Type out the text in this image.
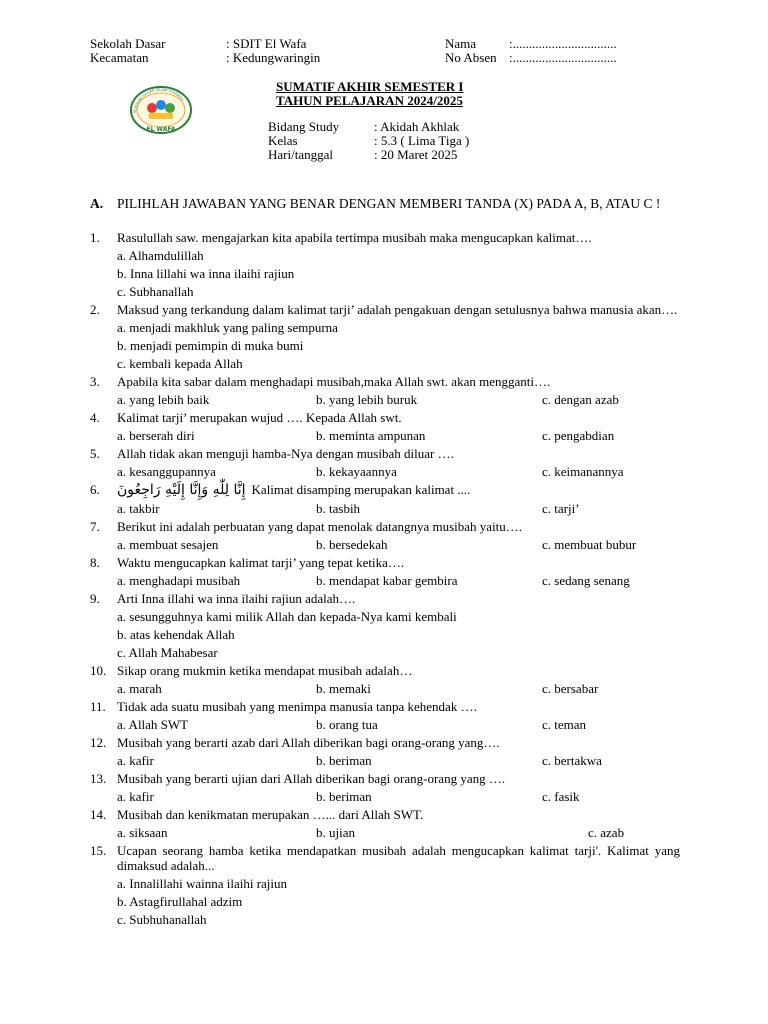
Sekolah Dasar	: SDIT El Wafa
Kecamatan	: Kedungwaringin
Nama	:................................
No Absen :................................
SEKOLAH DASAR ISLAM TERPADU
EL WAFA
SUMATIF AKHIR SEMESTER I
TAHUN PELAJARAN 2024/2025
Bidang Study	: Akidah Akhlak
Kelas	: 5.3 ( Lima Tiga )
Hari/tanggal	: 20 Maret 2025
A. PILIHLAH JAWABAN YANG BENAR DENGAN MEMBERI TANDA (X) PADA A, B, ATAU C !
1.	Rasulullah saw. mengajarkan kita apabila tertimpa musibah maka mengucapkan kalimat….
a. Alhamdulillah
b. Inna lillahi wa inna ilaihi rajiun
c. Subhanallah
2.	Maksud yang terkandung dalam kalimat tarji’ adalah pengakuan dengan setulusnya bahwa manusia akan….
a. menjadi makhluk yang paling sempurna
b. menjadi pemimpin di muka bumi
c. kembali kepada Allah
3.	Apabila kita sabar dalam menghadapi musibah,maka Allah swt. akan mengganti….
a. yang lebih baik	b. yang lebih buruk	c. dengan azab
4.	Kalimat tarji’ merupakan wujud …. Kepada Allah swt.
a. berserah diri	b. meminta ampunan	c. pengabdian
5.	Allah tidak akan menguji hamba-Nya dengan musibah diluar ….
a. kesanggupannya	b. kekayaannya	c. keimanannya
6.	إِنَّا لِلّٰهِ وَإِنَّا إِلَيْهِ رَاجِعُونَ Kalimat disamping merupakan kalimat ....
a. takbir	b. tasbih	c. tarji’
7.	Berikut ini adalah perbuatan yang dapat menolak datangnya musibah yaitu….
a. membuat sesajen	b. bersedekah	c. membuat bubur
8.	Waktu mengucapkan kalimat tarji’ yang tepat ketika….
a. menghadapi musibah	b. mendapat kabar gembira	c. sedang senang
9.	Arti Inna illahi wa inna ilaihi rajiun adalah….
a. sesungguhnya kami milik Allah dan kepada-Nya kami kembali
b. atas kehendak Allah
c. Allah Mahabesar
10. Sikap orang mukmin ketika mendapat musibah adalah…
a. marah	b. memaki	c. bersabar
11. Tidak ada suatu musibah yang menimpa manusia tanpa kehendak ….
a. Allah SWT	b. orang tua	c. teman
12. Musibah yang berarti azab dari Allah diberikan bagi orang-orang yang….
a. kafir	b. beriman	c. bertakwa
13. Musibah yang berarti ujian dari Allah diberikan bagi orang-orang yang ….
a. kafir	b. beriman	c. fasik
14. Musibah dan kenikmatan merupakan …... dari Allah SWT.
a. siksaan	b. ujian	c. azab
15. Ucapan seorang hamba ketika mendapatkan musibah adalah mengucapkan kalimat tarji'. Kalimat yang dimaksud adalah...
a. Innalillahi wainna ilaihi rajiun
b. Astagfirullahal adzim
c. Subhuhanallah
